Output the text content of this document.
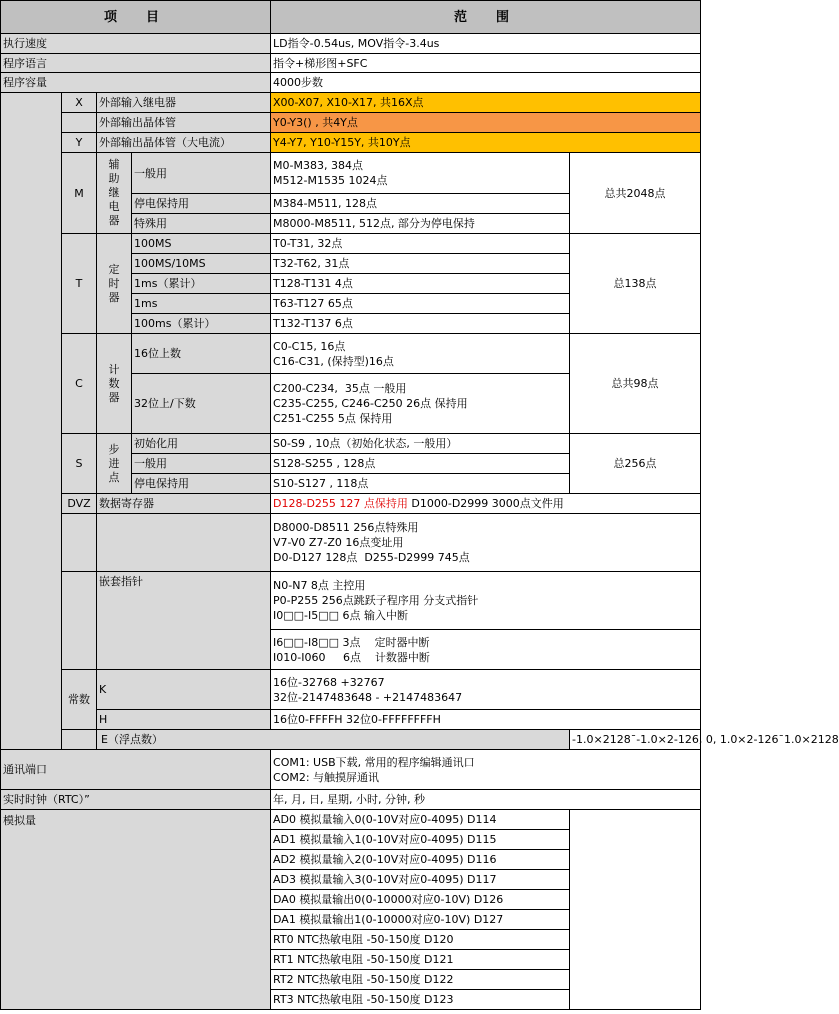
项　目				范　围	
执行速度				LD指令-0.54us, MOV指令-3.4us	
程序语言				指令+梯形图+SFC	
程序容量				4000步数	
	X	外部输入继电器		X00-X07, X10-X17, 共16X点	
		外部输出晶体管		Y0-Y3() , 共4Y点	
	Y	外部输出晶体管（大电流）		Y4-Y7, Y10-Y15Y, 共10Y点	
	M	辅助继电器	一般用	M0-M383, 384点
M512-M1535 1024点	总共2048点
			停电保持用	M384-M511, 128点	
			特殊用	M8000-M8511, 512点, 部分为停电保持	
	T	定时器	100MS	T0-T31, 32点	总138点
			100MS/10MS	T32-T62, 31点	
			1ms（累计）	T128-T131 4点	
			1ms	T63-T127 65点	
			100ms（累计）	T132-T137 6点	
	C	计数器	16位上数	C0-C15, 16点
C16-C31, (保持型)16点	总共98点
			32位上/下数	C200-C234,  35点 一般用
C235-C255, C246-C250 26点 保持用
C251-C255 5点 保持用	
	S	步进点	初始化用	S0-S9 , 10点（初始化状态, 一般用）	总256点
			一般用	S128-S255 , 128点	
			停电保持用	S10-S127 , 118点	
	DVZ	数据寄存器		D128-D255 127 点保持用 D1000-D2999 3000点文件用	
				D8000-D8511 256点特殊用
V7-V0 Z7-Z0 16点变址用
D0-D127 128点  D255-D2999 745点	
		嵌套指针		N0-N7 8点 主控用
P0-P255 256点跳跃子程序用 分支式指针
I0□□-I5□□ 6点 输入中断	
				I6□□-I8□□ 3点    定时器中断
I010-I060     6点    计数器中断	
	常数	K		16位-32768 +32767
32位-2147483648 - +2147483647	
		H		16位0-FFFFH 32位0-FFFFFFFFH	
		E（浮点数）			-1.0×2128¯-1.0×2-126, 0, 1.0×2-126¯1.0×2128
通讯端口				COM1: USB下载, 常用的程序编辑通讯口
COM2: 与触摸屏通讯	
实时时钟（RTC）”				年, 月, 日, 星期, 小时, 分钟, 秒	
模拟量				AD0 模拟量输入0(0-10V对应0-4095) D114	
				AD1 模拟量输入1(0-10V对应0-4095) D115	
				AD2 模拟量输入2(0-10V对应0-4095) D116	
				AD3 模拟量输入3(0-10V对应0-4095) D117	
				DA0 模拟量输出0(0-10000对应0-10V) D126	
				DA1 模拟量输出1(0-10000对应0-10V) D127	
				RT0 NTC热敏电阻 -50-150度 D120	
				RT1 NTC热敏电阻 -50-150度 D121	
				RT2 NTC热敏电阻 -50-150度 D122	
				RT3 NTC热敏电阻 -50-150度 D123	
